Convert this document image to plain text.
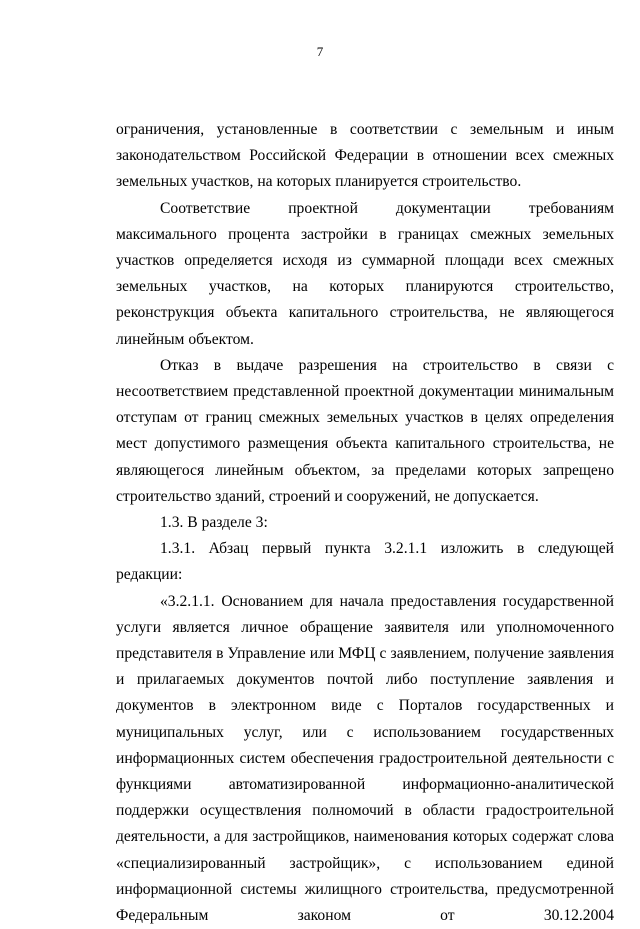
7

ограничения, установленные в соответствии с земельным и иным законодательством Российской Федерации в отношении всех смежных земельных участков, на которых планируется строительство.

Соответствие проектной документации требованиям максимального процента застройки в границах смежных земельных участков определяется исходя из суммарной площади всех смежных земельных участков, на которых планируются строительство, реконструкция объекта капитального строительства, не являющегося линейным объектом.

Отказ в выдаче разрешения на строительство в связи с несоответствием представленной проектной документации минимальным отступам от границ смежных земельных участков в целях определения мест допустимого размещения объекта капитального строительства, не являющегося линейным объектом, за пределами которых запрещено строительство зданий, строений и сооружений, не допускается.

1.3. В разделе 3:

1.3.1. Абзац первый пункта 3.2.1.1 изложить в следующей редакции:

«3.2.1.1. Основанием для начала предоставления государственной услуги является личное обращение заявителя или уполномоченного представителя в Управление или МФЦ с заявлением, получение заявления и прилагаемых документов почтой либо поступление заявления и документов в электронном виде с Порталов государственных и муниципальных услуг, или с использованием государственных информационных систем обеспечения градостроительной деятельности с функциями автоматизированной информационно-аналитической поддержки осуществления полномочий в области градостроительной деятельности, а для застройщиков, наименования которых содержат слова «специализированный застройщик», с использованием единой информационной системы жилищного строительства, предусмотренной Федеральным законом от 30.12.2004
